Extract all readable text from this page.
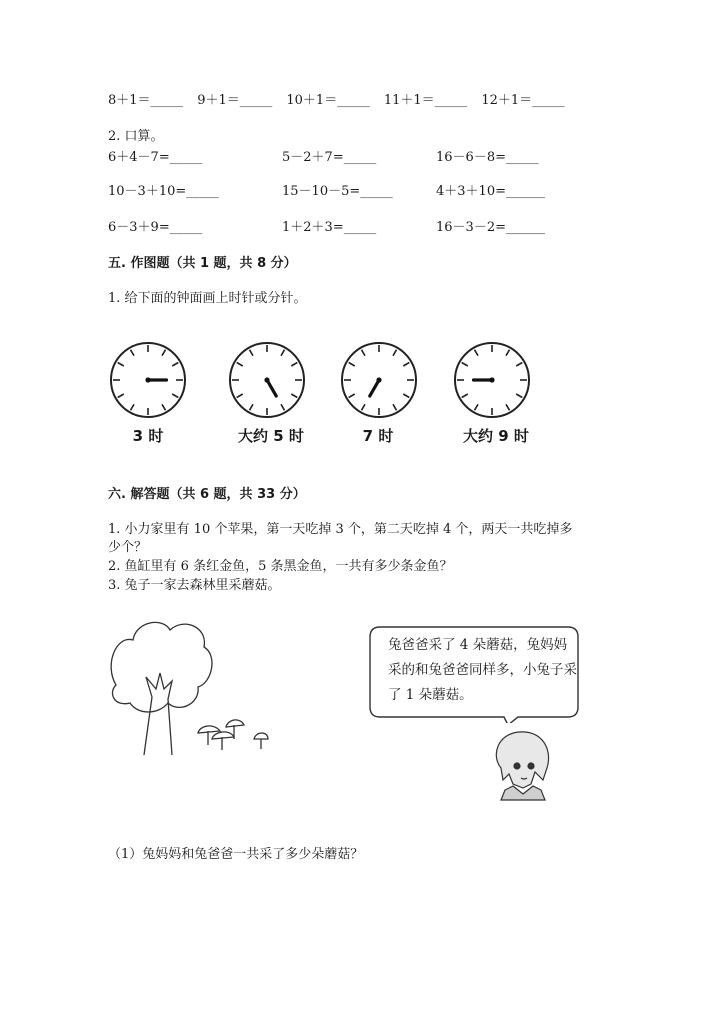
8＋1＝_____ 9＋1＝_____ 10＋1＝_____ 11＋1＝_____ 12＋1＝_____
2. 口算。
6＋4－7=_____	5－2＋7=_____	16－6－8=_____
10－3＋10=_____	15－10－5=_____	4＋3＋10=______
6－3＋9=_____	1＋2＋3=_____	16－3－2=______
五. 作图题（共 1 题，共 8 分）
1. 给下面的钟面画上时针或分针。
3 时	大约 5 时	7 时	大约 9 时
六. 解答题（共 6 题，共 33 分）
1. 小力家里有 10 个苹果，第一天吃掉 3 个，第二天吃掉 4 个，两天一共吃掉多
少个？
2. 鱼缸里有 6 条红金鱼，5 条黑金鱼，一共有多少条金鱼？
3. 兔子一家去森林里采蘑菇。
兔爸爸采了 4 朵蘑菇，兔妈妈采的和兔爸爸同样多，小兔子采了 1 朵蘑菇。
（1）兔妈妈和兔爸爸一共采了多少朵蘑菇？
